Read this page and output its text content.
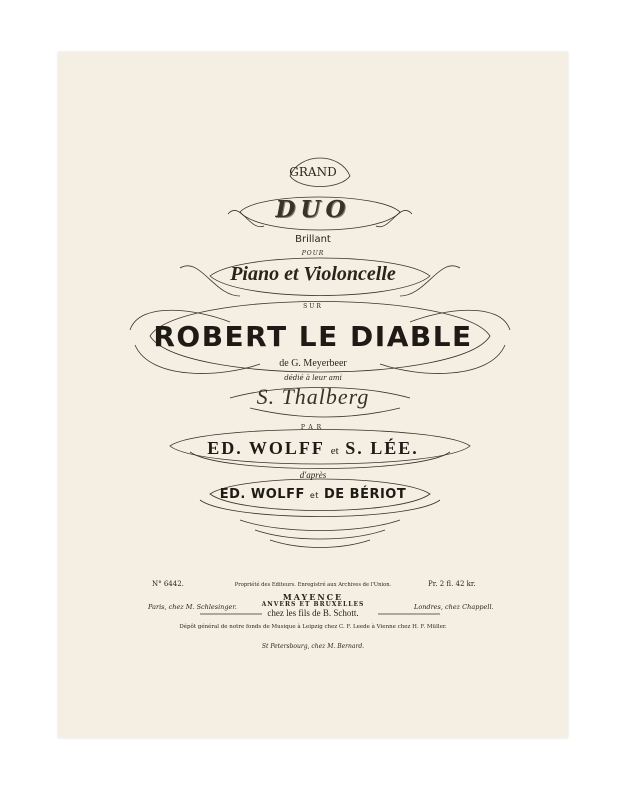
GRAND
DUO
Brillant
POUR
Piano et Violoncelle
SUR
ROBERT LE DIABLE
de G. Meyerbeer
dédié à leur ami
S. Thalberg
PAR
ED. WOLFF et S. LÉE.
d'après
ED. WOLFF et DE BÉRIOT
N° 6442.	Pr. 2 fl. 42 kr.
Propriété des Editeurs. Enregistré aux Archives de l'Union.
MAYENCE
ANVERS ET BRUXELLES
chez les fils de B. Schott.
Paris, chez M. Schlesinger.	Londres, chez Chappell.
Dépôt général de notre fonds de Musique à Leipzig chez C. F. Leede à Vienne chez H. F. Müller.
St Petersbourg, chez M. Bernard.
